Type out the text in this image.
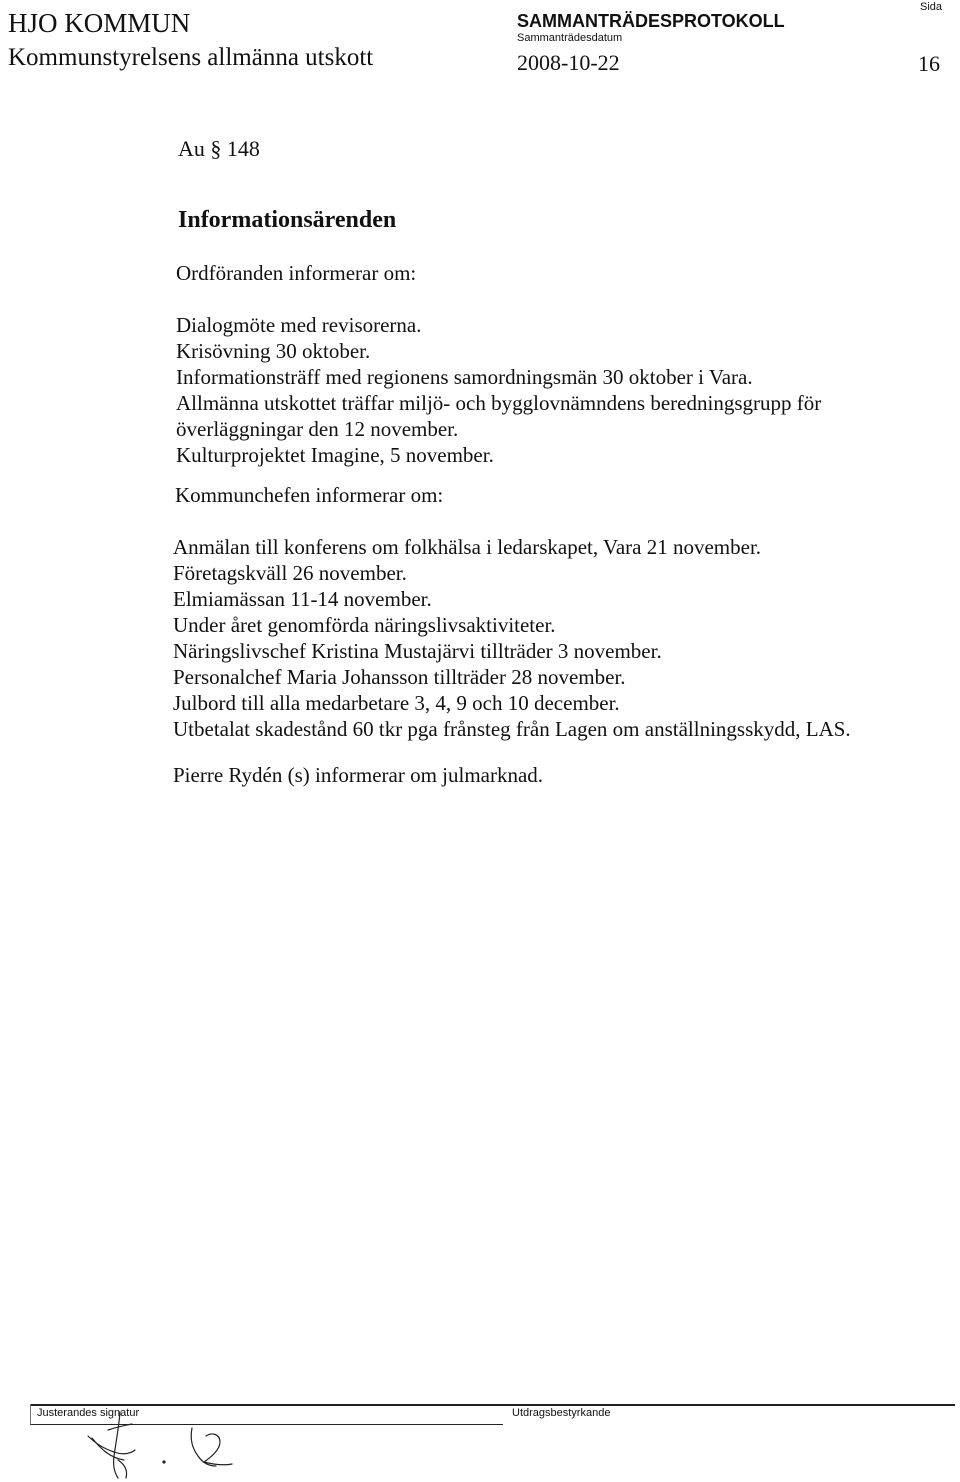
HJO KOMMUN
Kommunstyrelsens allmänna utskott
SAMMANTRÄDESPROTOKOLL
Sammanträdesdatum
2008-10-22
Sida
16
Au § 148
Informationsärenden
Ordföranden informerar om:
Dialogmöte med revisorerna.
Krisövning 30 oktober.
Informationsträff med regionens samordningsmän 30 oktober i Vara.
Allmänna utskottet träffar miljö- och bygglovnämndens beredningsgrupp för
överläggningar den 12 november.
Kulturprojektet Imagine, 5 november.
Kommunchefen informerar om:
Anmälan till konferens om folkhälsa i ledarskapet, Vara 21 november.
Företagskväll 26 november.
Elmiamässan 11-14 november.
Under året genomförda näringslivsaktiviteter.
Näringslivschef Kristina Mustajärvi tillträder 3 november.
Personalchef Maria Johansson tillträder 28 november.
Julbord till alla medarbetare 3, 4, 9 och 10 december.
Utbetalat skadestånd 60 tkr pga frånsteg från Lagen om anställningsskydd, LAS.
Pierre Rydén (s) informerar om julmarknad.
Justerandes signatur	Utdragsbestyrkande
